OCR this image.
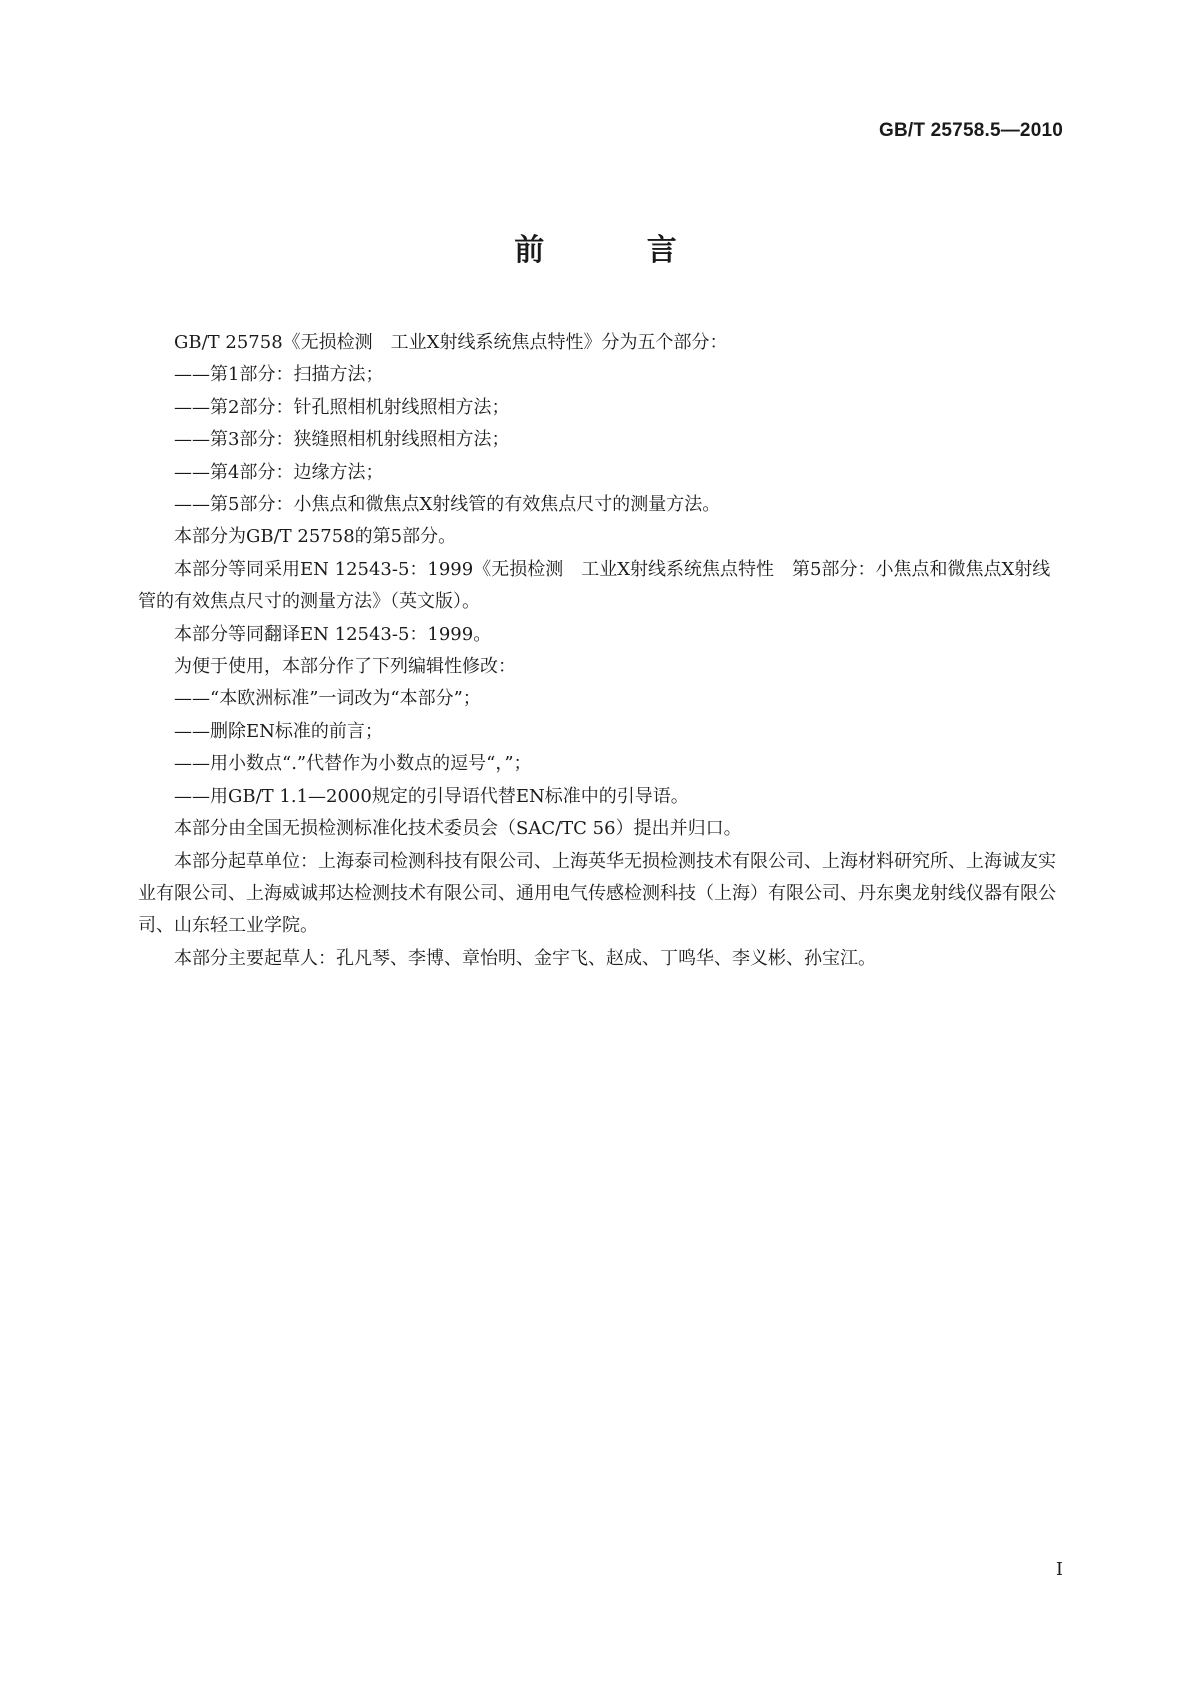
GB/T 25758.5—2010
前 言

GB/T 25758《无损检测　工业X射线系统焦点特性》分为五个部分：

——第1部分：扫描方法；

——第2部分：针孔照相机射线照相方法；

——第3部分：狭缝照相机射线照相方法；

——第4部分：边缘方法；

——第5部分：小焦点和微焦点X射线管的有效焦点尺寸的测量方法。

本部分为GB/T 25758的第5部分。

本部分等同采用EN 12543-5：1999《无损检测　工业X射线系统焦点特性　第5部分：小焦点和微焦点X射线管的有效焦点尺寸的测量方法》（英文版）。

本部分等同翻译EN 12543-5：1999。

为便于使用，本部分作了下列编辑性修改：

——“本欧洲标准”一词改为“本部分”；

——删除EN标准的前言；

——用小数点“.”代替作为小数点的逗号“，”；

——用GB/T 1.1—2000规定的引导语代替EN标准中的引导语。

本部分由全国无损检测标准化技术委员会（SAC/TC 56）提出并归口。

本部分起草单位：上海泰司检测科技有限公司、上海英华无损检测技术有限公司、上海材料研究所、上海诚友实业有限公司、上海威诚邦达检测技术有限公司、通用电气传感检测科技（上海）有限公司、丹东奥龙射线仪器有限公司、山东轻工业学院。

本部分主要起草人：孔凡琴、李博、章怡明、金宇飞、赵成、丁鸣华、李义彬、孙宝江。

I
